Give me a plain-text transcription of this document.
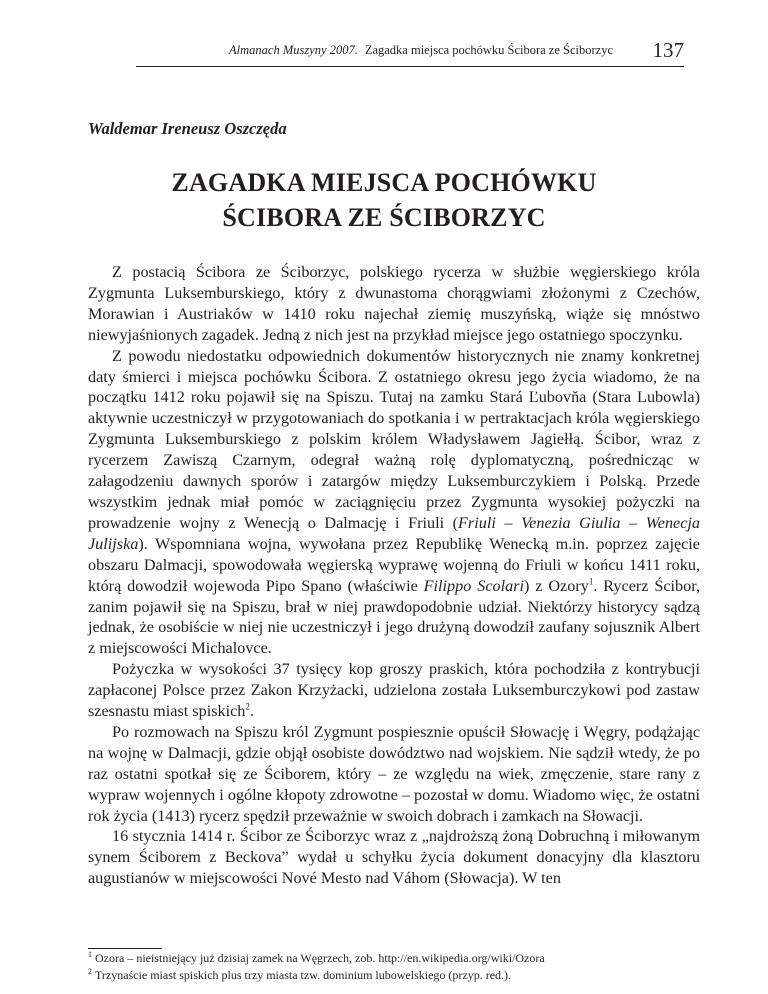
Almanach Muszyny 2007. Zagadka miejsca pochówku Ścibora ze Ściborzyc 137
Waldemar Ireneusz Oszczęda
ZAGADKA MIEJSCA POCHÓWKU
ŚCIBORA ZE ŚCIBORZYC

Z postacią Ścibora ze Ściborzyc, polskiego rycerza w służbie węgierskiego króla Zygmunta Luksemburskiego, który z dwunastoma chorągwiami złożonymi z Czechów, Morawian i Austriaków w 1410 roku najechał ziemię muszyńską, wiąże się mnóstwo niewyjaśnionych zagadek. Jedną z nich jest na przykład miejsce jego ostatniego spoczynku.

Z powodu niedostatku odpowiednich dokumentów historycznych nie znamy konkretnej daty śmierci i miejsca pochówku Ścibora. Z ostatniego okresu jego życia wiadomo, że na początku 1412 roku pojawił się na Spiszu. Tutaj na zamku Stará Ľubovňa (Stara Lubowla) aktywnie uczestniczył w przygotowaniach do spotkania i w pertraktacjach króla węgierskiego Zygmunta Luksemburskiego z polskim królem Władysławem Jagiełłą. Ścibor, wraz z rycerzem Zawiszą Czarnym, odegrał ważną rolę dyplomatyczną, pośrednicząc w załagodzeniu dawnych sporów i zatargów między Luksemburczykiem i Polską. Przede wszystkim jednak miał pomóc w zaciągnięciu przez Zygmunta wysokiej pożyczki na prowadzenie wojny z Wenecją o Dalmację i Friuli (Friuli – Venezia Giulia – Wenecja Julijska). Wspomniana wojna, wywołana przez Republikę Wenecką m.in. poprzez zajęcie obszaru Dalmacji, spowodowała węgierską wyprawę wojenną do Friuli w końcu 1411 roku, którą dowodził wojewoda Pipo Spano (właściwie Filippo Scolari) z Ozory$^1$. Rycerz Ścibor, zanim pojawił się na Spiszu, brał w niej prawdopodobnie udział. Niektórzy historycy sądzą jednak, że osobiście w niej nie uczestniczył i jego drużyną dowodził zaufany sojusznik Albert z miejscowości Michalovce.

Pożyczka w wysokości 37 tysięcy kop groszy praskich, która pochodziła z kontrybucji zapłaconej Polsce przez Zakon Krzyżacki, udzielona została Luksemburczykowi pod zastaw szesnastu miast spiskich$^2$.

Po rozmowach na Spiszu król Zygmunt pospiesznie opuścił Słowację i Węgry, podążając na wojnę w Dalmacji, gdzie objął osobiste dowództwo nad wojskiem. Nie sądził wtedy, że po raz ostatni spotkał się ze Ściborem, który – ze względu na wiek, zmęczenie, stare rany z wypraw wojennych i ogólne kłopoty zdrowotne – pozostał w domu. Wiadomo więc, że ostatni rok życia (1413) rycerz spędził przeważnie w swoich dobrach i zamkach na Słowacji.

16 stycznia 1414 r. Ścibor ze Ściborzyc wraz z „najdroższą żoną Dobruchną i miłowanym synem Ściborem z Beckova” wydał u schyłku życia dokument donacyjny dla klasztoru augustianów w miejscowości Nové Mesto nad Váhom (Słowacja). W ten

$^1$ Ozora – nieistniejący już dzisiaj zamek na Węgrzech, zob. http://en.wikipedia.org/wiki/Ozora
$^2$ Trzynaście miast spiskich plus trzy miasta tzw. dominium lubowelskiego (przyp. red.).
